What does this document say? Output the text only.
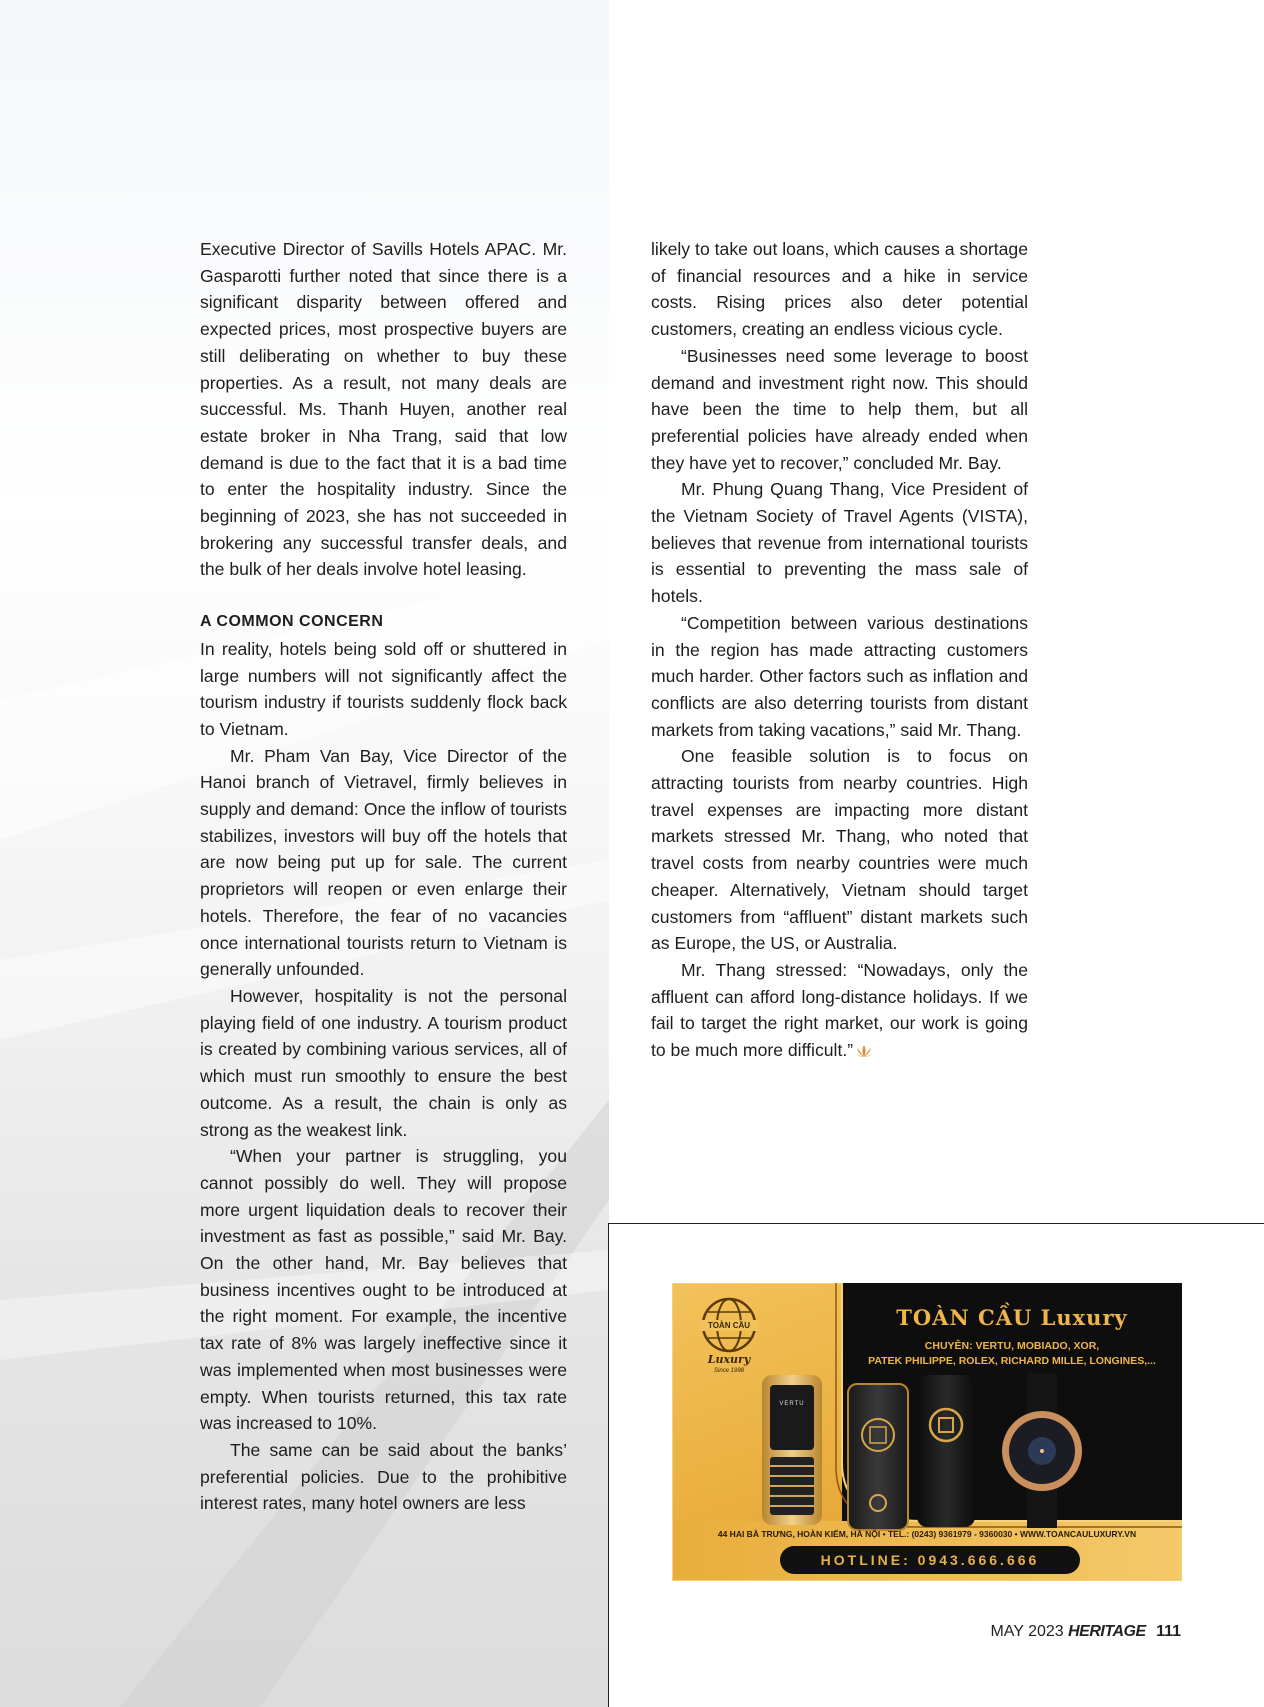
Executive Director of Savills Hotels APAC. Mr. Gasparotti further noted that since there is a significant disparity between offered and expected prices, most prospective buyers are still deliberating on whether to buy these properties. As a result, not many deals are successful. Ms. Thanh Huyen, another real estate broker in Nha Trang, said that low demand is due to the fact that it is a bad time to enter the hospitality industry. Since the beginning of 2023, she has not succeeded in brokering any successful transfer deals, and the bulk of her deals involve hotel leasing.

A COMMON CONCERN

In reality, hotels being sold off or shuttered in large numbers will not significantly affect the tourism industry if tourists suddenly flock back to Vietnam.

Mr. Pham Van Bay, Vice Director of the Hanoi branch of Vietravel, firmly believes in supply and demand: Once the inflow of tourists stabilizes, investors will buy off the hotels that are now being put up for sale. The current proprietors will reopen or even enlarge their hotels. Therefore, the fear of no vacancies once international tourists return to Vietnam is generally unfounded.

However, hospitality is not the personal playing field of one industry. A tourism product is created by combining various services, all of which must run smoothly to ensure the best outcome. As a result, the chain is only as strong as the weakest link.

“When your partner is struggling, you cannot possibly do well. They will propose more urgent liquidation deals to recover their investment as fast as possible,” said Mr. Bay. On the other hand, Mr. Bay believes that business incentives ought to be introduced at the right moment. For example, the incentive tax rate of 8% was largely ineffective since it was implemented when most businesses were empty. When tourists returned, this tax rate was increased to 10%.

The same can be said about the banks’ preferential policies. Due to the prohibitive interest rates, many hotel owners are less

likely to take out loans, which causes a shortage of financial resources and a hike in service costs. Rising prices also deter potential customers, creating an endless vicious cycle.

“Businesses need some leverage to boost demand and investment right now. This should have been the time to help them, but all preferential policies have already ended when they have yet to recover,” concluded Mr. Bay.

Mr. Phung Quang Thang, Vice President of the Vietnam Society of Travel Agents (VISTA), believes that revenue from international tourists is essential to preventing the mass sale of hotels.

“Competition between various destinations in the region has made attracting customers much harder. Other factors such as inflation and conflicts are also deterring tourists from distant markets from taking vacations,” said Mr. Thang.

One feasible solution is to focus on attracting tourists from nearby countries. High travel expenses are impacting more distant markets stressed Mr. Thang, who noted that travel costs from nearby countries were much cheaper. Alternatively, Vietnam should target customers from “affluent” distant markets such as Europe, the US, or Australia.

Mr. Thang stressed: “Nowadays, only the affluent can afford long-distance holidays. If we fail to target the right market, our work is going to be much more difficult.”

TOÀN CẦU
Luxury
Since 1998
TOÀN CẦU Luxury
CHUYÊN: VERTU, MOBIADO, XOR,
PATEK PHILIPPE, ROLEX, RICHARD MILLE, LONGINES,...
VERTU
44 HAI BÀ TRƯNG, HOÀN KIẾM, HÀ NỘI • TEL.: (0243) 9361979 - 9360030 • WWW.TOANCAULUXURY.VN
HOTLINE: 0943.666.666
MAY 2023 HERITAGE 111
